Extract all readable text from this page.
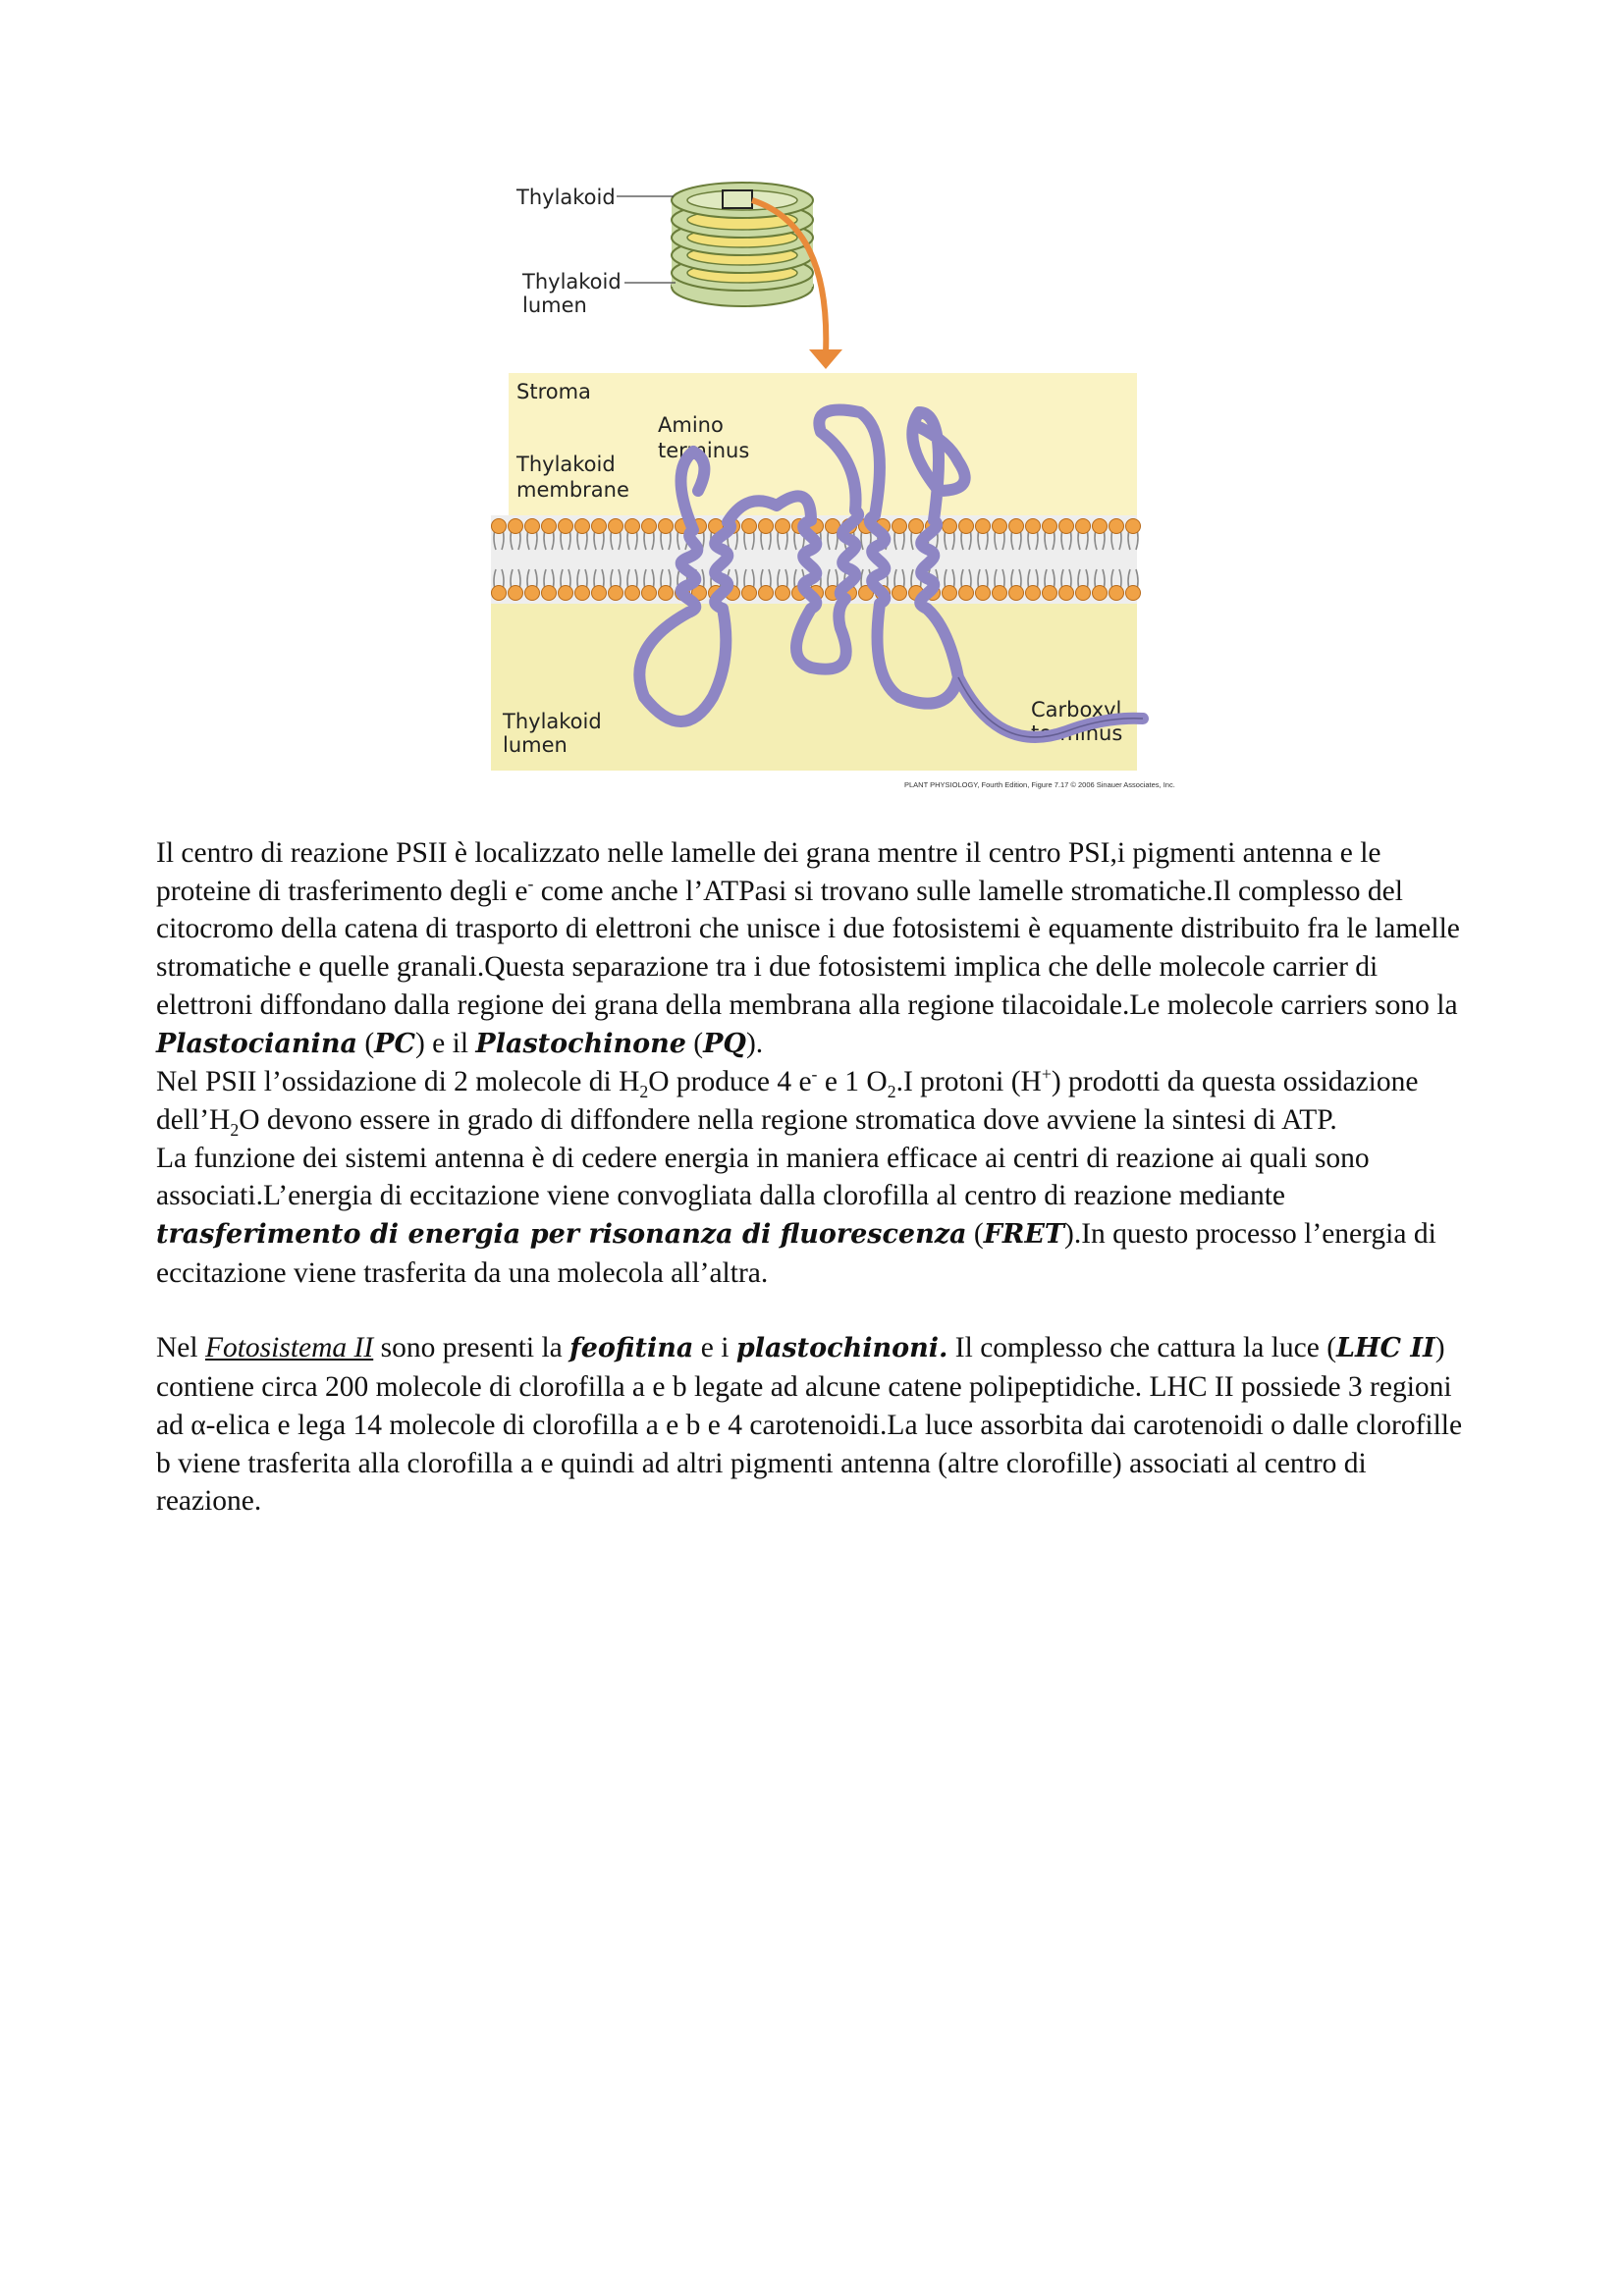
Thylakoid
Thylakoid
lumen
Stroma
Thylakoid
membrane
Amino
terminus
Carboxyl
terminus
Thylakoid
lumen
PLANT PHYSIOLOGY, Fourth Edition, Figure 7.17 © 2006 Sinauer Associates, Inc.

Il centro di reazione PSII è localizzato nelle lamelle dei grana mentre il centro PSI,i pigmenti antenna e le proteine di trasferimento degli e- come anche l’ATPasi si trovano sulle lamelle stromatiche.Il complesso del citocromo della catena di trasporto di elettroni che unisce i due fotosistemi è equamente distribuito fra le lamelle stromatiche e quelle granali.Questa separazione tra i due fotosistemi implica che delle molecole carrier di elettroni diffondano dalla regione dei grana della membrana alla regione tilacoidale.Le molecole carriers sono la Plastocianina (PC) e il Plastochinone (PQ).

Nel PSII l’ossidazione di 2 molecole di $H_2O$ produce 4 e- e 1 $O_2.I$ protoni (H+) prodotti da questa ossidazione $dell’H_2O$ devono essere in grado di diffondere nella regione stromatica dove avviene la sintesi di ATP.

La funzione dei sistemi antenna è di cedere energia in maniera efficace ai centri di reazione ai quali sono associati.L’energia di eccitazione viene convogliata dalla clorofilla al centro di reazione mediante trasferimento di energia per risonanza di fluorescenza (FRET).In questo processo l’energia di eccitazione viene trasferita da una molecola all’altra.

Nel Fotosistema II sono presenti la feofitina e i plastochinoni. Il complesso che cattura la luce (LHC II) contiene circa 200 molecole di clorofilla a e b legate ad alcune catene polipeptidiche. LHC II possiede 3 regioni ad α-elica e lega 14 molecole di clorofilla a e b e 4 carotenoidi.La luce assorbita dai carotenoidi o dalle clorofille b viene trasferita alla clorofilla a e quindi ad altri pigmenti antenna (altre clorofille) associati al centro di reazione.
